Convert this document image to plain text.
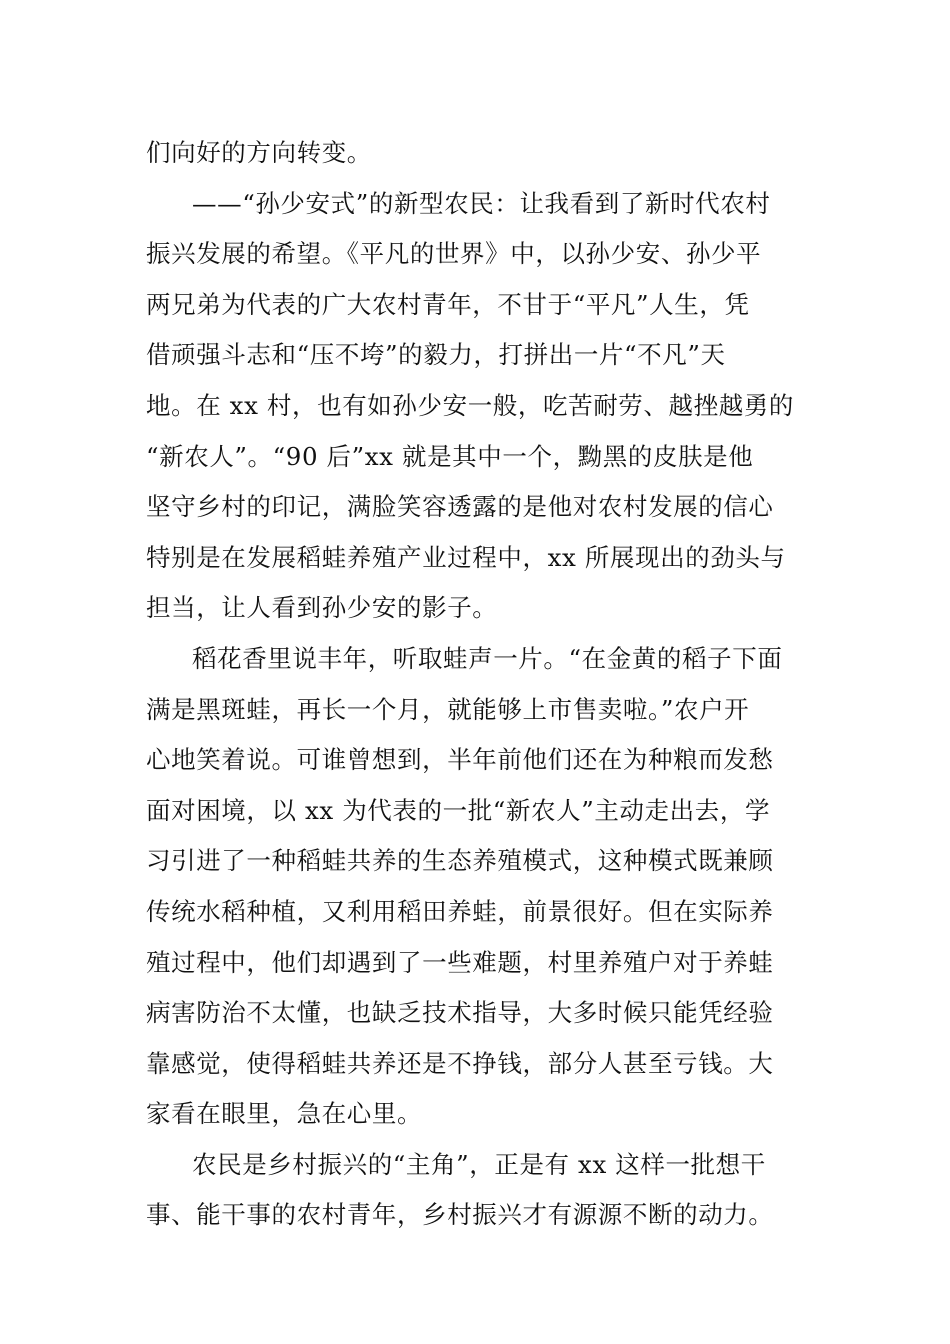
们向好的方向转变。
——“孙少安式”的新型农民：让我看到了新时代农村
振兴发展的希望。《平凡的世界》中，以孙少安、孙少平
两兄弟为代表的广大农村青年，不甘于“平凡”人生，凭
借顽强斗志和“压不垮”的毅力，打拼出一片“不凡”天
地。在 xx 村，也有如孙少安一般，吃苦耐劳、越挫越勇的
“新农人”。“90 后”xx 就是其中一个，黝黑的皮肤是他
坚守乡村的印记，满脸笑容透露的是他对农村发展的信心
特别是在发展稻蛙养殖产业过程中，xx 所展现出的劲头与
担当，让人看到孙少安的影子。
稻花香里说丰年，听取蛙声一片。“在金黄的稻子下面
满是黑斑蛙，再长一个月，就能够上市售卖啦。”农户开
心地笑着说。可谁曾想到，半年前他们还在为种粮而发愁
面对困境，以 xx 为代表的一批“新农人”主动走出去，学
习引进了一种稻蛙共养的生态养殖模式，这种模式既兼顾
传统水稻种植，又利用稻田养蛙，前景很好。但在实际养
殖过程中，他们却遇到了一些难题，村里养殖户对于养蛙
病害防治不太懂，也缺乏技术指导，大多时候只能凭经验
靠感觉，使得稻蛙共养还是不挣钱，部分人甚至亏钱。大
家看在眼里，急在心里。
农民是乡村振兴的“主角”，正是有 xx 这样一批想干
事、能干事的农村青年，乡村振兴才有源源不断的动力。
